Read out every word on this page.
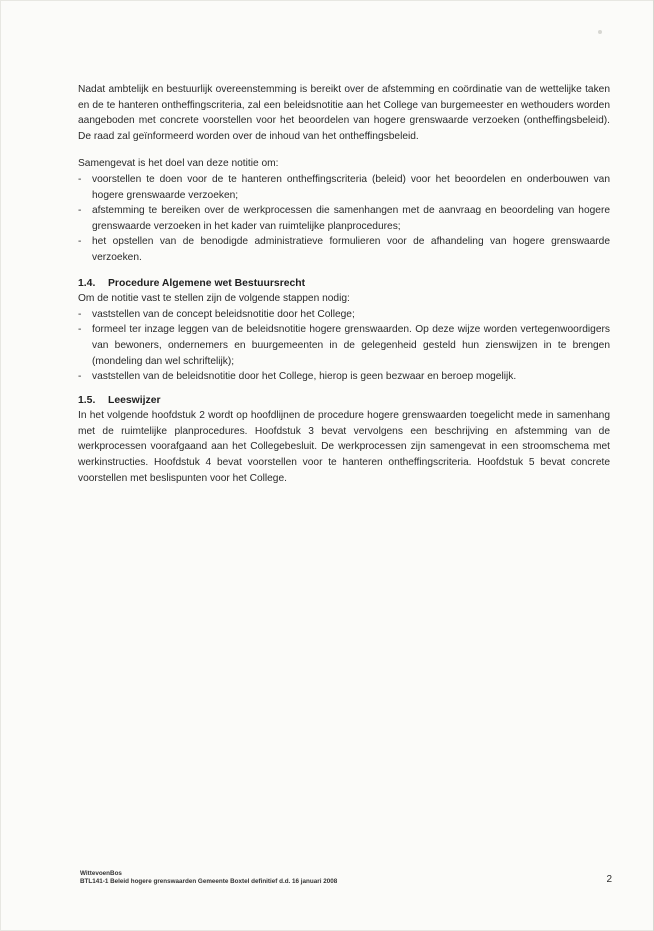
Nadat ambtelijk en bestuurlijk overeenstemming is bereikt over de afstemming en coördinatie van de wettelijke taken en de te hanteren ontheffingscriteria, zal een beleidsnotitie aan het College van burgemeester en wethouders worden aangeboden met concrete voorstellen voor het beoordelen van hogere grenswaarde verzoeken (ontheffingsbeleid). De raad zal geïnformeerd worden over de inhoud van het ontheffingsbeleid.

Samengevat is het doel van deze notitie om:

-	voorstellen te doen voor de te hanteren ontheffingscriteria (beleid) voor het beoordelen en onderbouwen van hogere grenswaarde verzoeken;
-	afstemming te bereiken over de werkprocessen die samenhangen met de aanvraag en beoordeling van hogere grenswaarde verzoeken in het kader van ruimtelijke planprocedures;
-	het opstellen van de benodigde administratieve formulieren voor de afhandeling van hogere grenswaarde verzoeken.
1.4. Procedure Algemene wet Bestuursrecht

Om de notitie vast te stellen zijn de volgende stappen nodig:

-	vaststellen van de concept beleidsnotitie door het College;
-	formeel ter inzage leggen van de beleidsnotitie hogere grenswaarden. Op deze wijze worden vertegenwoordigers van bewoners, ondernemers en buurgemeenten in de gelegenheid gesteld hun zienswijzen in te brengen (mondeling dan wel schriftelijk);
-	vaststellen van de beleidsnotitie door het College, hierop is geen bezwaar en beroep mogelijk.
1.5. Leeswijzer

In het volgende hoofdstuk 2 wordt op hoofdlijnen de procedure hogere grenswaarden toegelicht mede in samenhang met de ruimtelijke planprocedures. Hoofdstuk 3 bevat vervolgens een beschrijving en afstemming van de werkprocessen voorafgaand aan het Collegebesluit. De werkprocessen zijn samengevat in een stroomschema met werkinstructies. Hoofdstuk 4 bevat voorstellen voor te hanteren ontheffingscriteria. Hoofdstuk 5 bevat concrete voorstellen met beslispunten voor het College.

WittevoenBos
BTL141-1 Beleid hogere grenswaarden Gemeente Boxtel definitief d.d. 16 januari 2008	2
